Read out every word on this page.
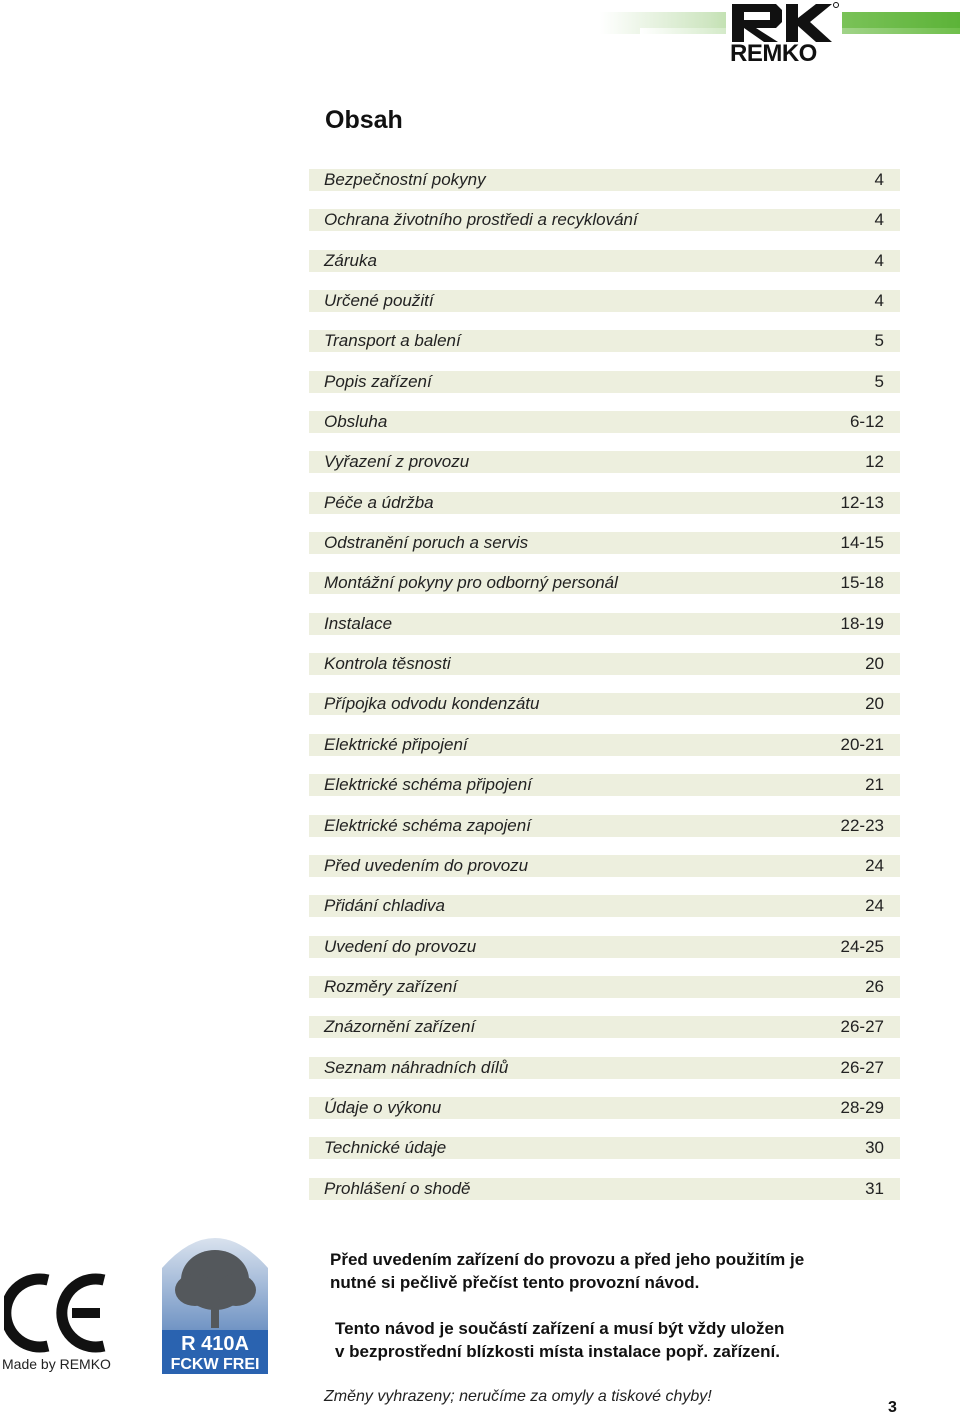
REMKO
Obsah
Bezpečnostní pokyny	4
Ochrana životního prostředi a recyklování	4
Záruka	4
Určené použití	4
Transport a balení	5
Popis zařízení	5
Obsluha	6-12
Vyřazení z provozu	12
Péče a údržba	12-13
Odstranění poruch a servis	14-15
Montážní pokyny pro odborný personál	15-18
Instalace	18-19
Kontrola těsnosti	20
Přípojka odvodu kondenzátu	20
Elektrické připojení	20-21
Elektrické schéma připojení	21
Elektrické schéma zapojení	22-23
Před uvedením do provozu	24
Přidání chladiva	24
Uvedení do provozu	24-25
Rozměry zařízení	26
Znázornění zařízení	26-27
Seznam náhradních dílů	26-27
Údaje o výkonu	28-29
Technické údaje	30
Prohlášení o shodě	31
Made by REMKO
R 410A
FCKW FREI
Před uvedením zařízení do provozu a před jeho použitím je
nutné si pečlivě přečíst tento provozní návod.
Tento návod je součástí zařízení a musí být vždy uložen
v bezprostřední blízkosti místa instalace popř. zařízení.
Změny vyhrazeny; neručíme za omyly a tiskové chyby!
3
